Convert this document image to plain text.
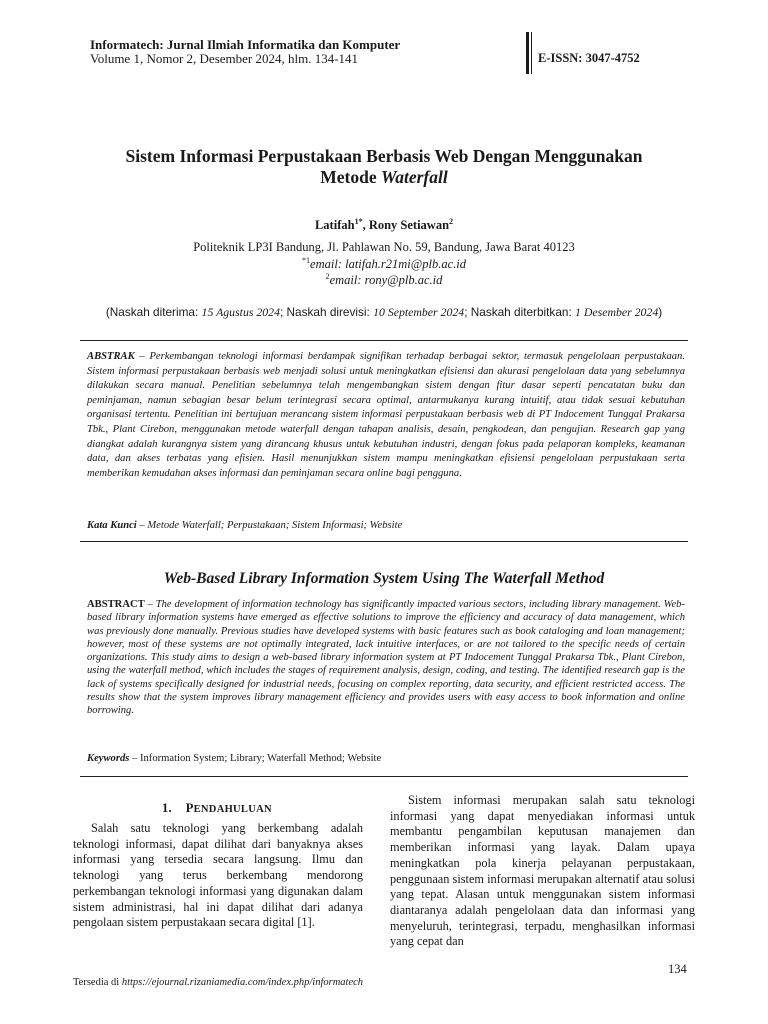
Informatech: Jurnal Ilmiah Informatika dan Komputer
Volume 1, Nomor 2, Desember 2024, hlm. 134-141	E-ISSN: 3047-4752
Sistem Informasi Perpustakaan Berbasis Web Dengan Menggunakan
Metode Waterfall
Latifah$^{1*}$, Rony Setiawan$^2$
Politeknik LP3I Bandung, Jl. Pahlawan No. 59, Bandung, Jawa Barat 40123
$^{*1}$email: latifah.r21mi@plb.ac.id
$^2$email: rony@plb.ac.id
(Naskah diterima: 15 Agustus 2024; Naskah direvisi: 10 September 2024; Naskah diterbitkan: 1 Desember 2024)
ABSTRAK – Perkembangan teknologi informasi berdampak signifikan terhadap berbagai sektor, termasuk pengelolaan perpustakaan. Sistem informasi perpustakaan berbasis web menjadi solusi untuk meningkatkan efisiensi dan akurasi pengelolaan data yang sebelumnya dilakukan secara manual. Penelitian sebelumnya telah mengembangkan sistem dengan fitur dasar seperti pencatatan buku dan peminjaman, namun sebagian besar belum terintegrasi secara optimal, antarmukanya kurang intuitif, atau tidak sesuai kebutuhan organisasi tertentu. Penelitian ini bertujuan merancang sistem informasi perpustakaan berbasis web di PT Indocement Tunggal Prakarsa Tbk., Plant Cirebon, menggunakan metode waterfall dengan tahapan analisis, desain, pengkodean, dan pengujian. Research gap yang diangkat adalah kurangnya sistem yang dirancang khusus untuk kebutuhan industri, dengan fokus pada pelaporan kompleks, keamanan data, dan akses terbatas yang efisien. Hasil menunjukkan sistem mampu meningkatkan efisiensi pengelolaan perpustakaan serta memberikan kemudahan akses informasi dan peminjaman secara online bagi pengguna.
Kata Kunci – Metode Waterfall; Perpustakaan; Sistem Informasi; Website
Web-Based Library Information System Using The Waterfall Method
ABSTRACT – The development of information technology has significantly impacted various sectors, including library management. Web-based library information systems have emerged as effective solutions to improve the efficiency and accuracy of data management, which was previously done manually. Previous studies have developed systems with basic features such as book cataloging and loan management; however, most of these systems are not optimally integrated, lack intuitive interfaces, or are not tailored to the specific needs of certain organizations. This study aims to design a web-based library information system at PT Indocement Tunggal Prakarsa Tbk., Plant Cirebon, using the waterfall method, which includes the stages of requirement analysis, design, coding, and testing. The identified research gap is the lack of systems specifically designed for industrial needs, focusing on complex reporting, data security, and efficient restricted access. The results show that the system improves library management efficiency and provides users with easy access to book information and online borrowing.
Keywords – Information System; Library; Waterfall Method; Website
1. PENDAHULUAN
Salah satu teknologi yang berkembang adalah teknologi informasi, dapat dilihat dari banyaknya akses informasi yang tersedia secara langsung. Ilmu dan teknologi yang terus berkembang mendorong perkembangan teknologi informasi yang digunakan dalam sistem administrasi, hal ini dapat dilihat dari adanya pengolaan sistem perpustakaan secara digital [1].
Sistem informasi merupakan salah satu teknologi informasi yang dapat menyediakan informasi untuk membantu pengambilan keputusan manajemen dan memberikan informasi yang layak. Dalam upaya meningkatkan pola kinerja pelayanan perpustakaan, penggunaan sistem informasi merupakan alternatif atau solusi yang tepat. Alasan untuk menggunakan sistem informasi diantaranya adalah pengelolaan data dan informasi yang menyeluruh, terintegrasi, terpadu, menghasilkan informasi yang cepat dan
134
Tersedia di https://ejournal.rizaniamedia.com/index.php/informatech
